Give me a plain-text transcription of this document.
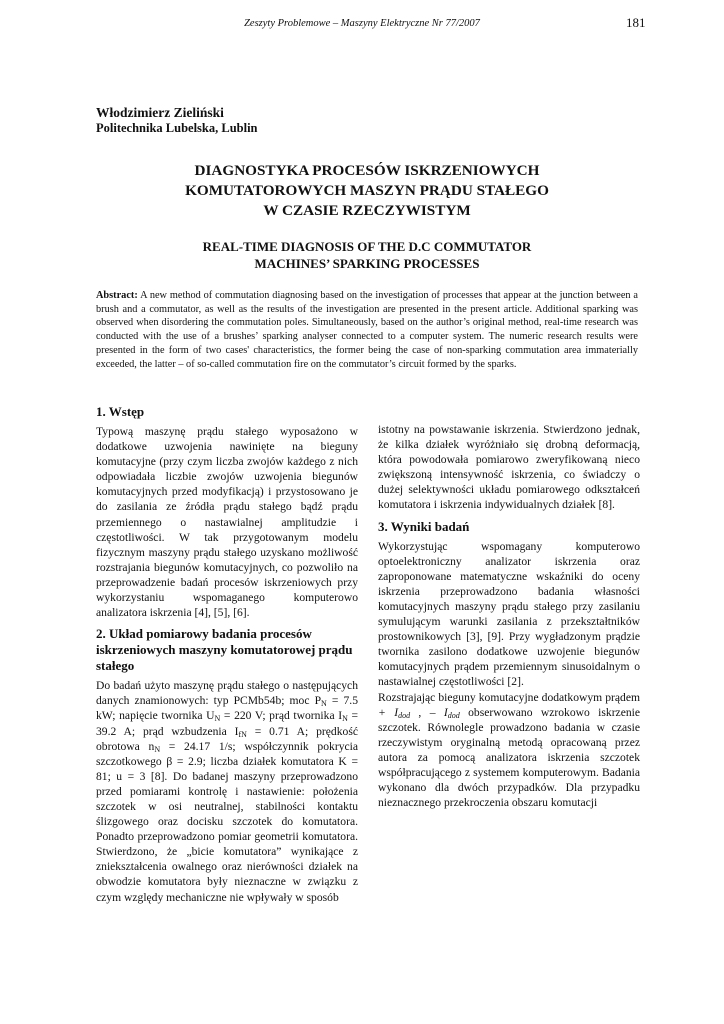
Zeszyty Problemowe – Maszyny Elektryczne Nr 77/2007	181
Włodzimierz Zieliński
Politechnika Lubelska, Lublin
DIAGNOSTYKA PROCESÓW ISKRZENIOWYCH
KOMUTATOROWYCH MASZYN PRĄDU STAŁEGO
W CZASIE RZECZYWISTYM
REAL-TIME DIAGNOSIS OF THE D.C COMMUTATOR
MACHINES’ SPARKING PROCESSES
Abstract: A new method of commutation diagnosing based on the investigation of processes that appear at the junction between a brush and a commutator, as well as the results of the investigation are presented in the present article. Additional sparking was observed when disordering the commutation poles. Simultaneously, based on the author’s original method, real-time research was conducted with the use of a brushes’ sparking analyser connected to a computer system. The numeric research results were presented in the form of two cases' characteristics, the former being the case of non-sparking commutation area immaterially exceeded, the latter – of so-called commutation fire on the commutator’s circuit formed by the sparks.
1. Wstęp

Typową maszynę prądu stałego wyposażono w dodatkowe uzwojenia nawinięte na bieguny komutacyjne (przy czym liczba zwojów każdego z nich odpowiadała liczbie zwojów uzwojenia biegunów komutacyjnych przed modyfikacją) i przystosowano je do zasilania ze źródła prądu stałego bądź prądu przemiennego o nastawialnej amplitudzie i częstotliwości. W tak przygotowanym modelu fizycznym maszyny prądu stałego uzyskano możliwość rozstrajania biegunów komutacyjnych, co pozwoliło na przeprowadzenie badań procesów iskrzeniowych przy wykorzystaniu wspomaganego komputerowo analizatora iskrzenia [4], [5], [6].

2. Układ pomiarowy badania procesów iskrzeniowych maszyny komutatorowej prądu stałego

Do badań użyto maszynę prądu stałego o następujących danych znamionowych: typ PCMb54b; moc $P_N = 7.5$ kW; napięcie twornika $U_N = 220$ V; prąd twornika $I_N = 39.2$ A; prąd wzbudzenia $I_{fN} = 0.71$ A; prędkość obrotowa $n_N = 24.17$ 1/s; współczynnik pokrycia szczotkowego β = 2.9; liczba działek komutatora K = 81; u = 3 [8]. Do badanej maszyny przeprowadzono przed pomiarami kontrolę i nastawienie: położenia szczotek w osi neutralnej, stabilności kontaktu ślizgowego oraz docisku szczotek do komutatora. Ponadto przeprowadzono pomiar geometrii komutatora. Stwierdzono, że „bicie komutatora” wynikające z zniekształcenia owalnego oraz nierówności działek na obwodzie komutatora były nieznaczne w związku z czym względy mechaniczne nie wpływały w sposób

istotny na powstawanie iskrzenia. Stwierdzono jednak, że kilka działek wyróżniało się drobną deformacją, która powodowała pomiarowo zweryfikowaną nieco zwiększoną intensywność iskrzenia, co świadczy o dużej selektywności układu pomiarowego odkształceń komutatora i iskrzenia indywidualnych działek [8].

3. Wyniki badań

Wykorzystując wspomagany komputerowo optoelektroniczny analizator iskrzenia oraz zaproponowane matematyczne wskaźniki do oceny iskrzenia przeprowadzono badania własności komutacyjnych maszyny prądu stałego przy zasilaniu symulującym warunki zasilania z przekształtników prostownikowych [3], [9]. Przy wygładzonym prądzie twornika zasilono dodatkowe uzwojenie biegunów komutacyjnych prądem przemiennym sinusoidalnym o nastawialnej częstotliwości [2].

Rozstrajając bieguny komutacyjne dodatkowym prądem + $I_{dod}$ , – $I_{dod}$ obserwowano wzrokowo iskrzenie szczotek. Równolegle prowadzono badania w czasie rzeczywistym oryginalną metodą opracowaną przez autora za pomocą analizatora iskrzenia szczotek współpracującego z systemem komputerowym. Badania wykonano dla dwóch przypadków. Dla przypadku nieznacznego przekroczenia obszaru komutacji
